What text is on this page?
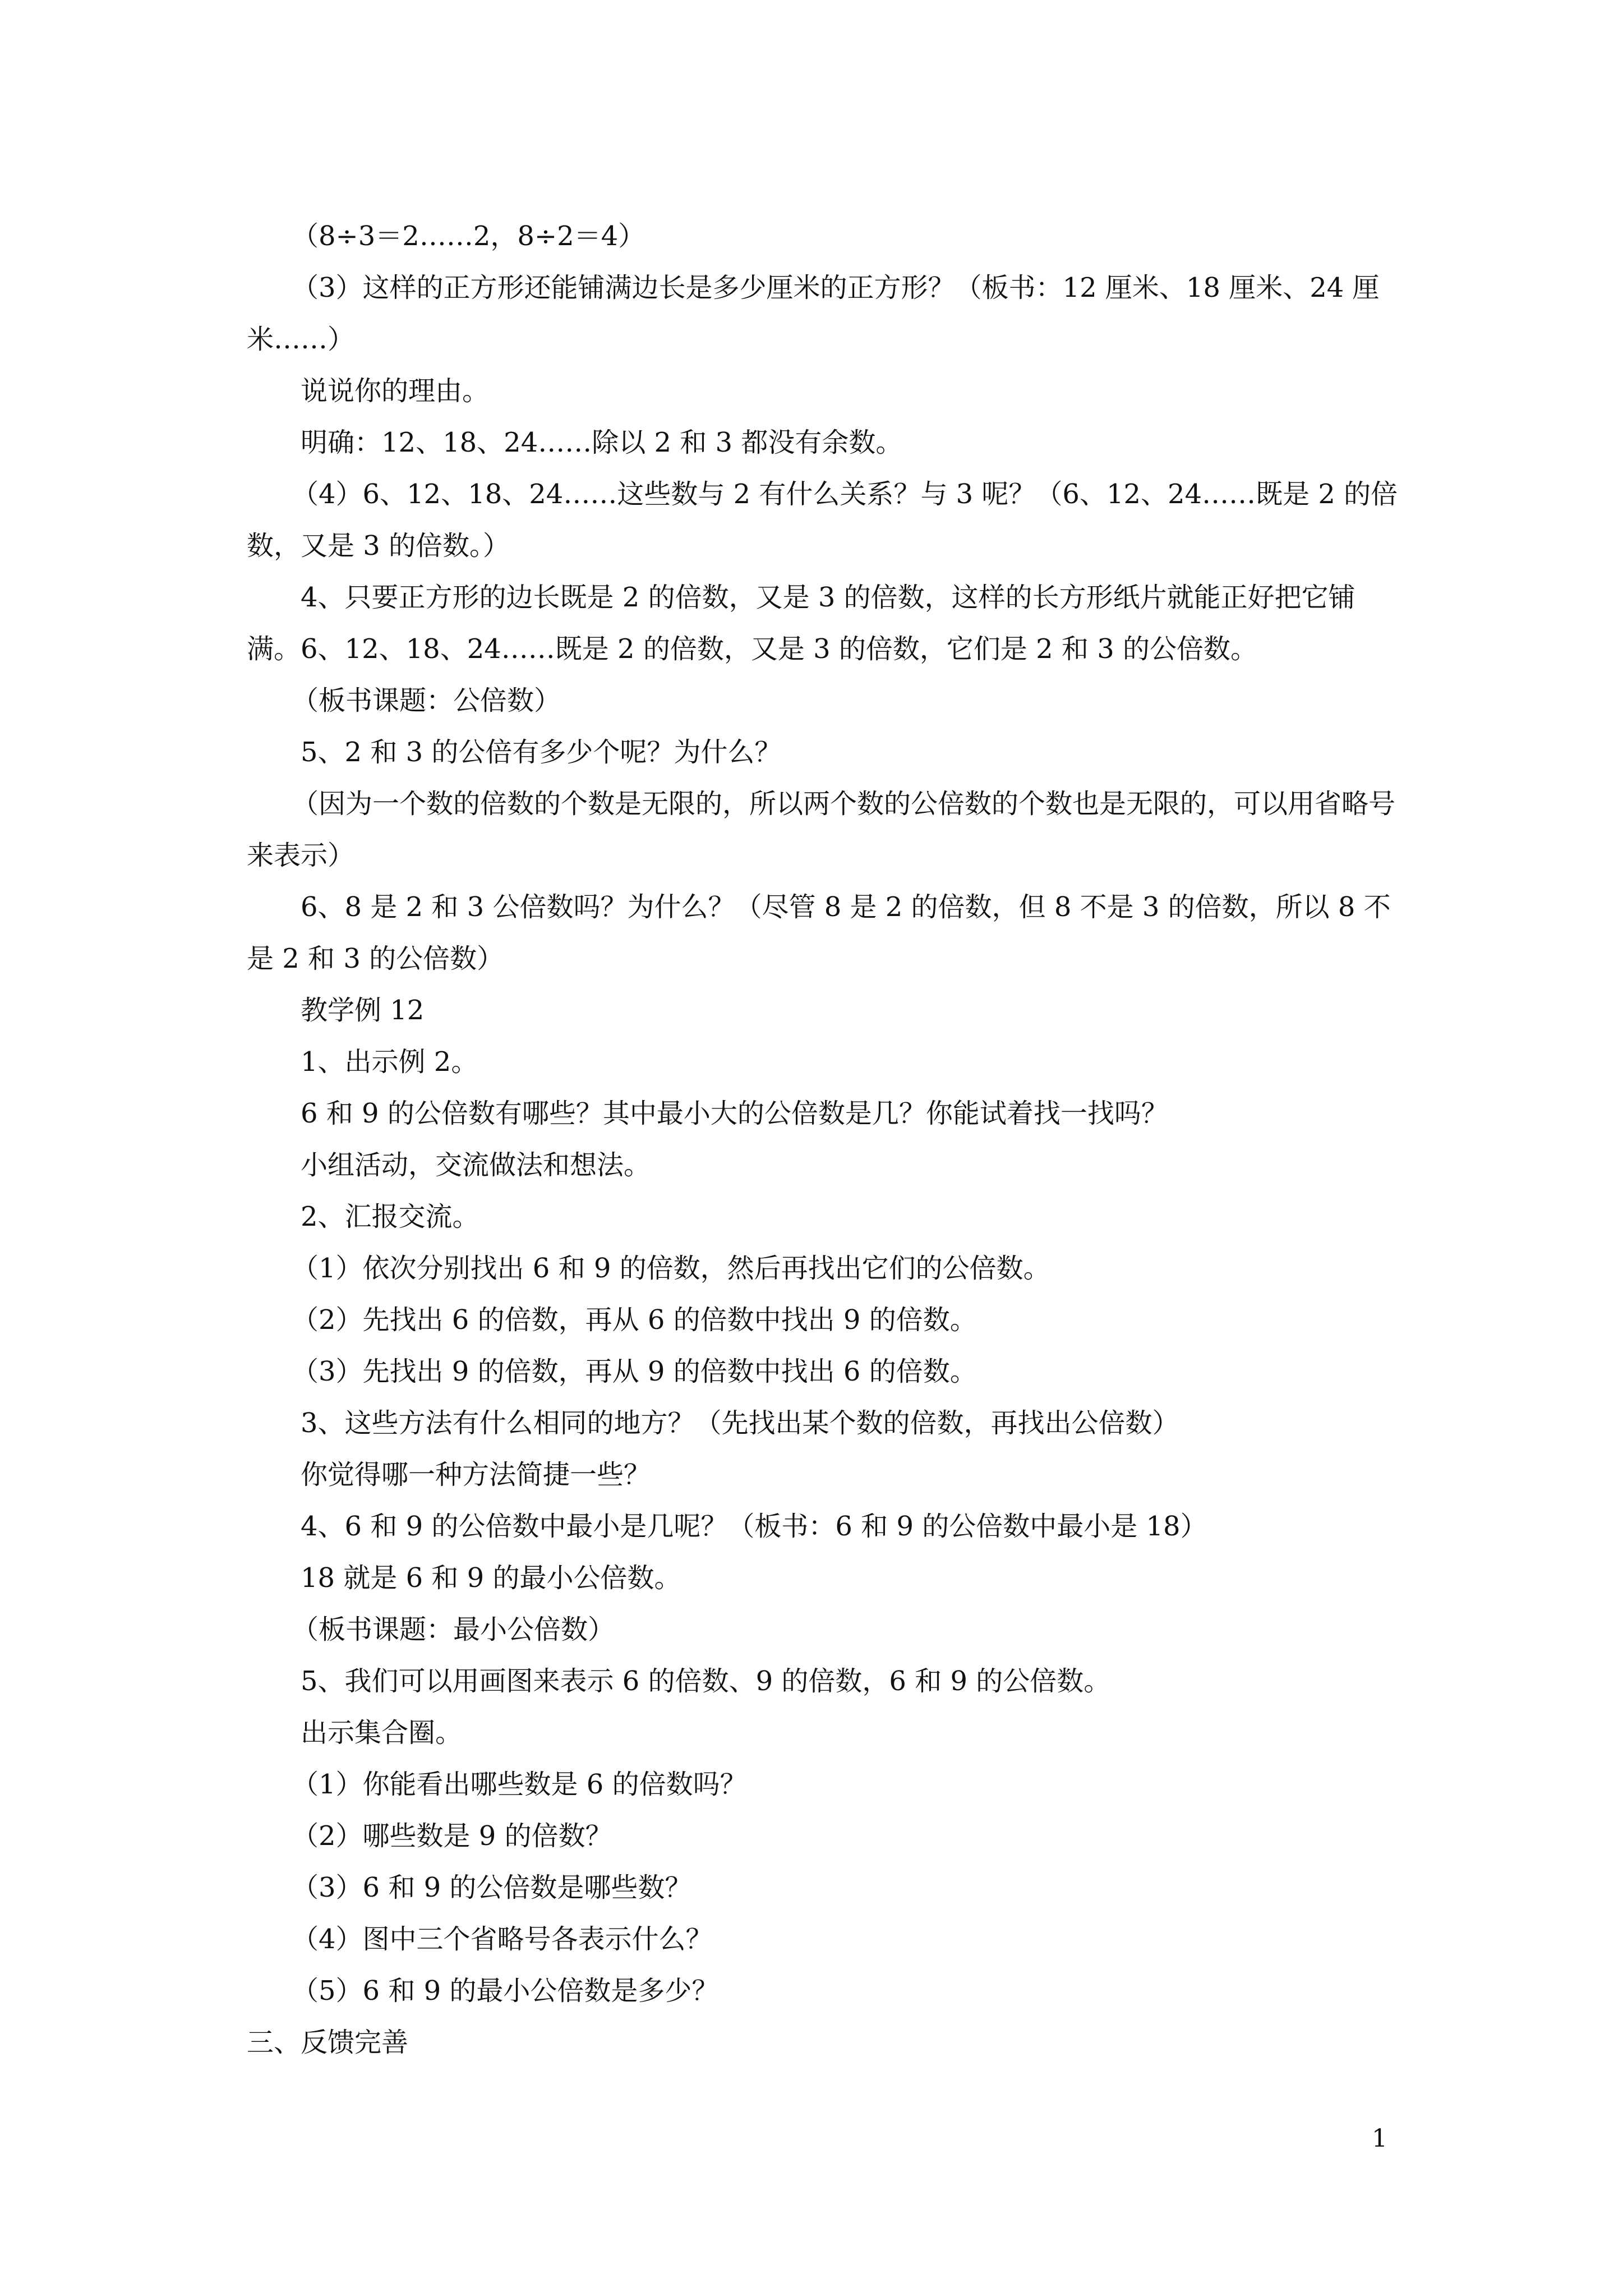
（8÷3＝2……2，8÷2＝4）

（3）这样的正方形还能铺满边长是多少厘米的正方形？（板书：12 厘米、18 厘米、24 厘米……）

说说你的理由。

明确：12、18、24……除以 2 和 3 都没有余数。

（4）6、12、18、24……这些数与 2 有什么关系？与 3 呢？（6、12、24……既是 2 的倍数，又是 3 的倍数。）

4、只要正方形的边长既是 2 的倍数，又是 3 的倍数，这样的长方形纸片就能正好把它铺满。6、12、18、24……既是 2 的倍数，又是 3 的倍数，它们是 2 和 3 的公倍数。

（板书课题：公倍数）

5、2 和 3 的公倍有多少个呢？为什么？

（因为一个数的倍数的个数是无限的，所以两个数的公倍数的个数也是无限的，可以用省略号来表示）

6、8 是 2 和 3 公倍数吗？为什么？（尽管 8 是 2 的倍数，但 8 不是 3 的倍数，所以 8 不是 2 和 3 的公倍数）

教学例 12

1、出示例 2。

6 和 9 的公倍数有哪些？其中最小大的公倍数是几？你能试着找一找吗？

小组活动，交流做法和想法。

2、汇报交流。

（1）依次分别找出 6 和 9 的倍数，然后再找出它们的公倍数。

（2）先找出 6 的倍数，再从 6 的倍数中找出 9 的倍数。

（3）先找出 9 的倍数，再从 9 的倍数中找出 6 的倍数。

3、这些方法有什么相同的地方？（先找出某个数的倍数，再找出公倍数）

你觉得哪一种方法简捷一些？

4、6 和 9 的公倍数中最小是几呢？（板书：6 和 9 的公倍数中最小是 18）

18 就是 6 和 9 的最小公倍数。

（板书课题：最小公倍数）

5、我们可以用画图来表示 6 的倍数、9 的倍数，6 和 9 的公倍数。

出示集合圈。

（1）你能看出哪些数是 6 的倍数吗？

（2）哪些数是 9 的倍数？

（3）6 和 9 的公倍数是哪些数？

（4）图中三个省略号各表示什么？

（5）6 和 9 的最小公倍数是多少？

三、反馈完善

1
